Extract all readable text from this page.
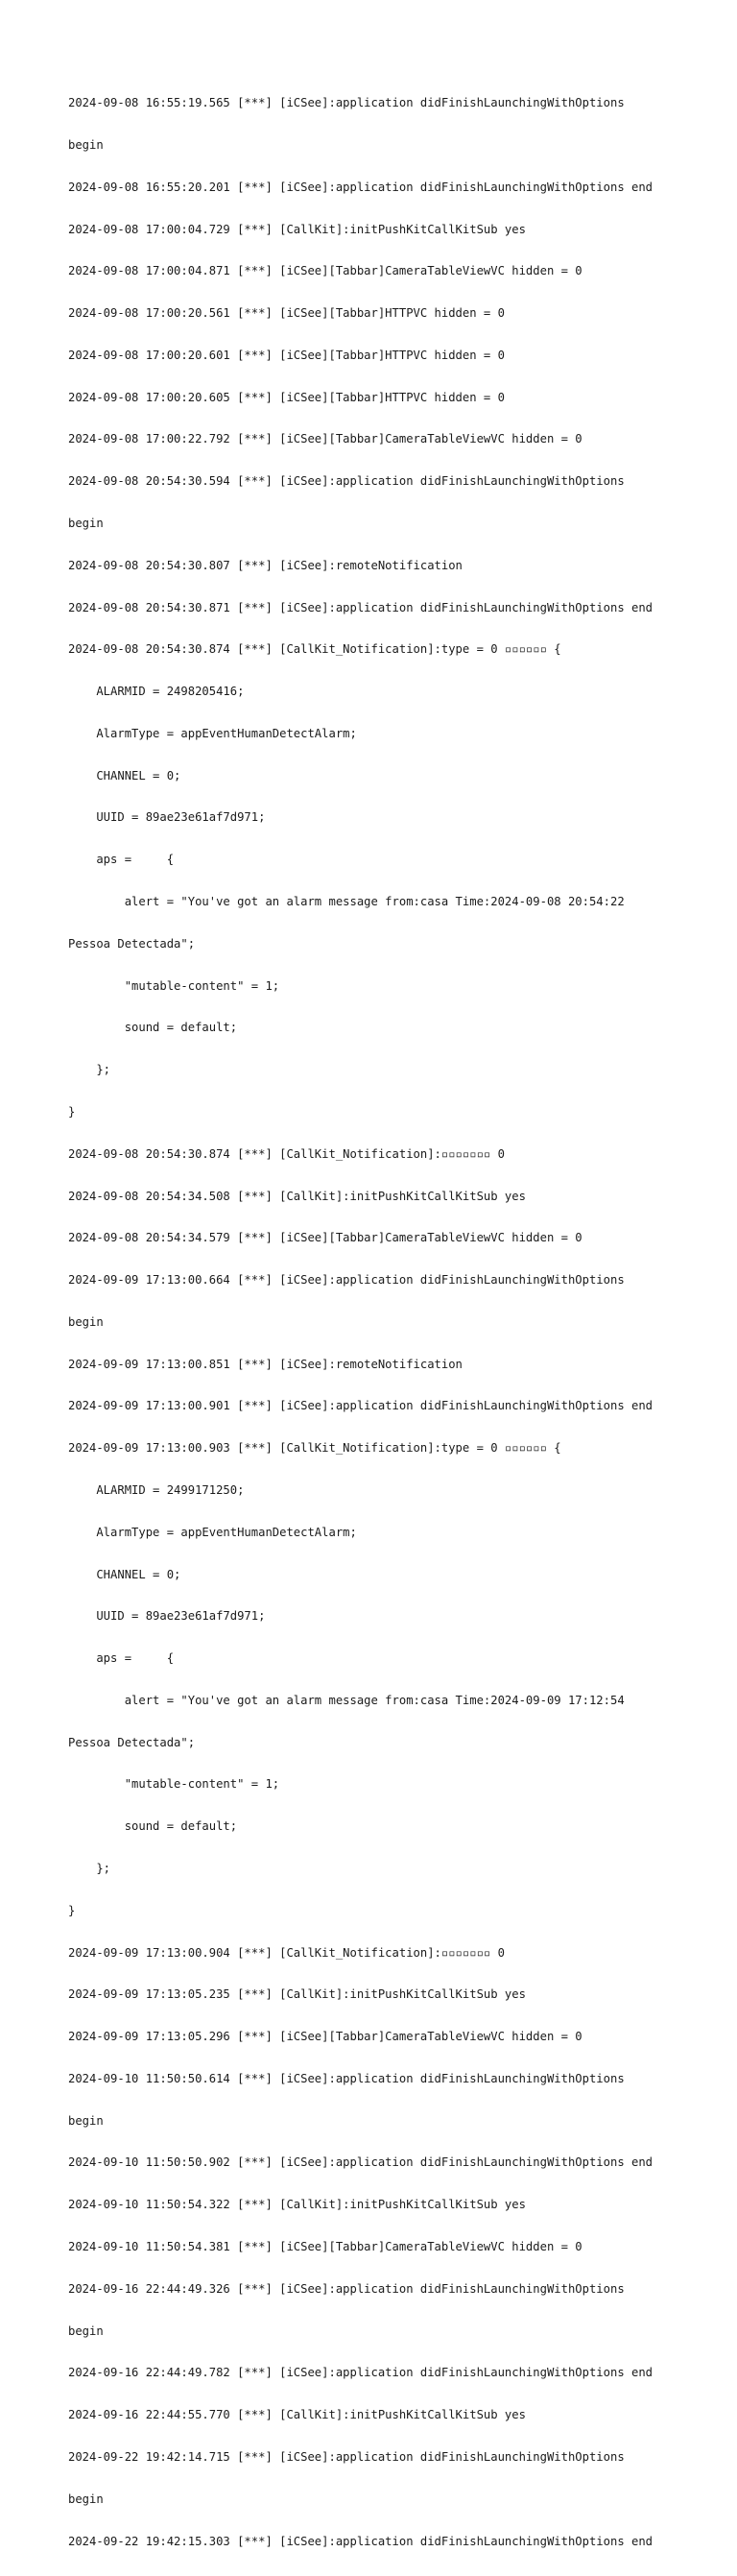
2024-09-08 16:55:19.565 [***] [iCSee]:application didFinishLaunchingWithOptions

begin

2024-09-08 16:55:20.201 [***] [iCSee]:application didFinishLaunchingWithOptions end

2024-09-08 17:00:04.729 [***] [CallKit]:initPushKitCallKitSub yes

2024-09-08 17:00:04.871 [***] [iCSee][Tabbar]CameraTableViewVC hidden = 0

2024-09-08 17:00:20.561 [***] [iCSee][Tabbar]HTTPVC hidden = 0

2024-09-08 17:00:20.601 [***] [iCSee][Tabbar]HTTPVC hidden = 0

2024-09-08 17:00:20.605 [***] [iCSee][Tabbar]HTTPVC hidden = 0

2024-09-08 17:00:22.792 [***] [iCSee][Tabbar]CameraTableViewVC hidden = 0

2024-09-08 20:54:30.594 [***] [iCSee]:application didFinishLaunchingWithOptions

begin

2024-09-08 20:54:30.807 [***] [iCSee]:remoteNotification

2024-09-08 20:54:30.871 [***] [iCSee]:application didFinishLaunchingWithOptions end

2024-09-08 20:54:30.874 [***] [CallKit_Notification]:type = 0 ▫▫▫▫▫▫ {

ALARMID = 2498205416;

AlarmType = appEventHumanDetectAlarm;

CHANNEL = 0;

UUID = 89ae23e61af7d971;

aps =     {

alert = "You've got an alarm message from:casa Time:2024-09-08 20:54:22

Pessoa Detectada";

"mutable-content" = 1;

sound = default;

};

}

2024-09-08 20:54:30.874 [***] [CallKit_Notification]:▫▫▫▫▫▫▫ 0

2024-09-08 20:54:34.508 [***] [CallKit]:initPushKitCallKitSub yes

2024-09-08 20:54:34.579 [***] [iCSee][Tabbar]CameraTableViewVC hidden = 0

2024-09-09 17:13:00.664 [***] [iCSee]:application didFinishLaunchingWithOptions

begin

2024-09-09 17:13:00.851 [***] [iCSee]:remoteNotification

2024-09-09 17:13:00.901 [***] [iCSee]:application didFinishLaunchingWithOptions end

2024-09-09 17:13:00.903 [***] [CallKit_Notification]:type = 0 ▫▫▫▫▫▫ {

ALARMID = 2499171250;

AlarmType = appEventHumanDetectAlarm;

CHANNEL = 0;

UUID = 89ae23e61af7d971;

aps =     {

alert = "You've got an alarm message from:casa Time:2024-09-09 17:12:54

Pessoa Detectada";

"mutable-content" = 1;

sound = default;

};

}

2024-09-09 17:13:00.904 [***] [CallKit_Notification]:▫▫▫▫▫▫▫ 0

2024-09-09 17:13:05.235 [***] [CallKit]:initPushKitCallKitSub yes

2024-09-09 17:13:05.296 [***] [iCSee][Tabbar]CameraTableViewVC hidden = 0

2024-09-10 11:50:50.614 [***] [iCSee]:application didFinishLaunchingWithOptions

begin

2024-09-10 11:50:50.902 [***] [iCSee]:application didFinishLaunchingWithOptions end

2024-09-10 11:50:54.322 [***] [CallKit]:initPushKitCallKitSub yes

2024-09-10 11:50:54.381 [***] [iCSee][Tabbar]CameraTableViewVC hidden = 0

2024-09-16 22:44:49.326 [***] [iCSee]:application didFinishLaunchingWithOptions

begin

2024-09-16 22:44:49.782 [***] [iCSee]:application didFinishLaunchingWithOptions end

2024-09-16 22:44:55.770 [***] [CallKit]:initPushKitCallKitSub yes

2024-09-22 19:42:14.715 [***] [iCSee]:application didFinishLaunchingWithOptions

begin

2024-09-22 19:42:15.303 [***] [iCSee]:application didFinishLaunchingWithOptions end
